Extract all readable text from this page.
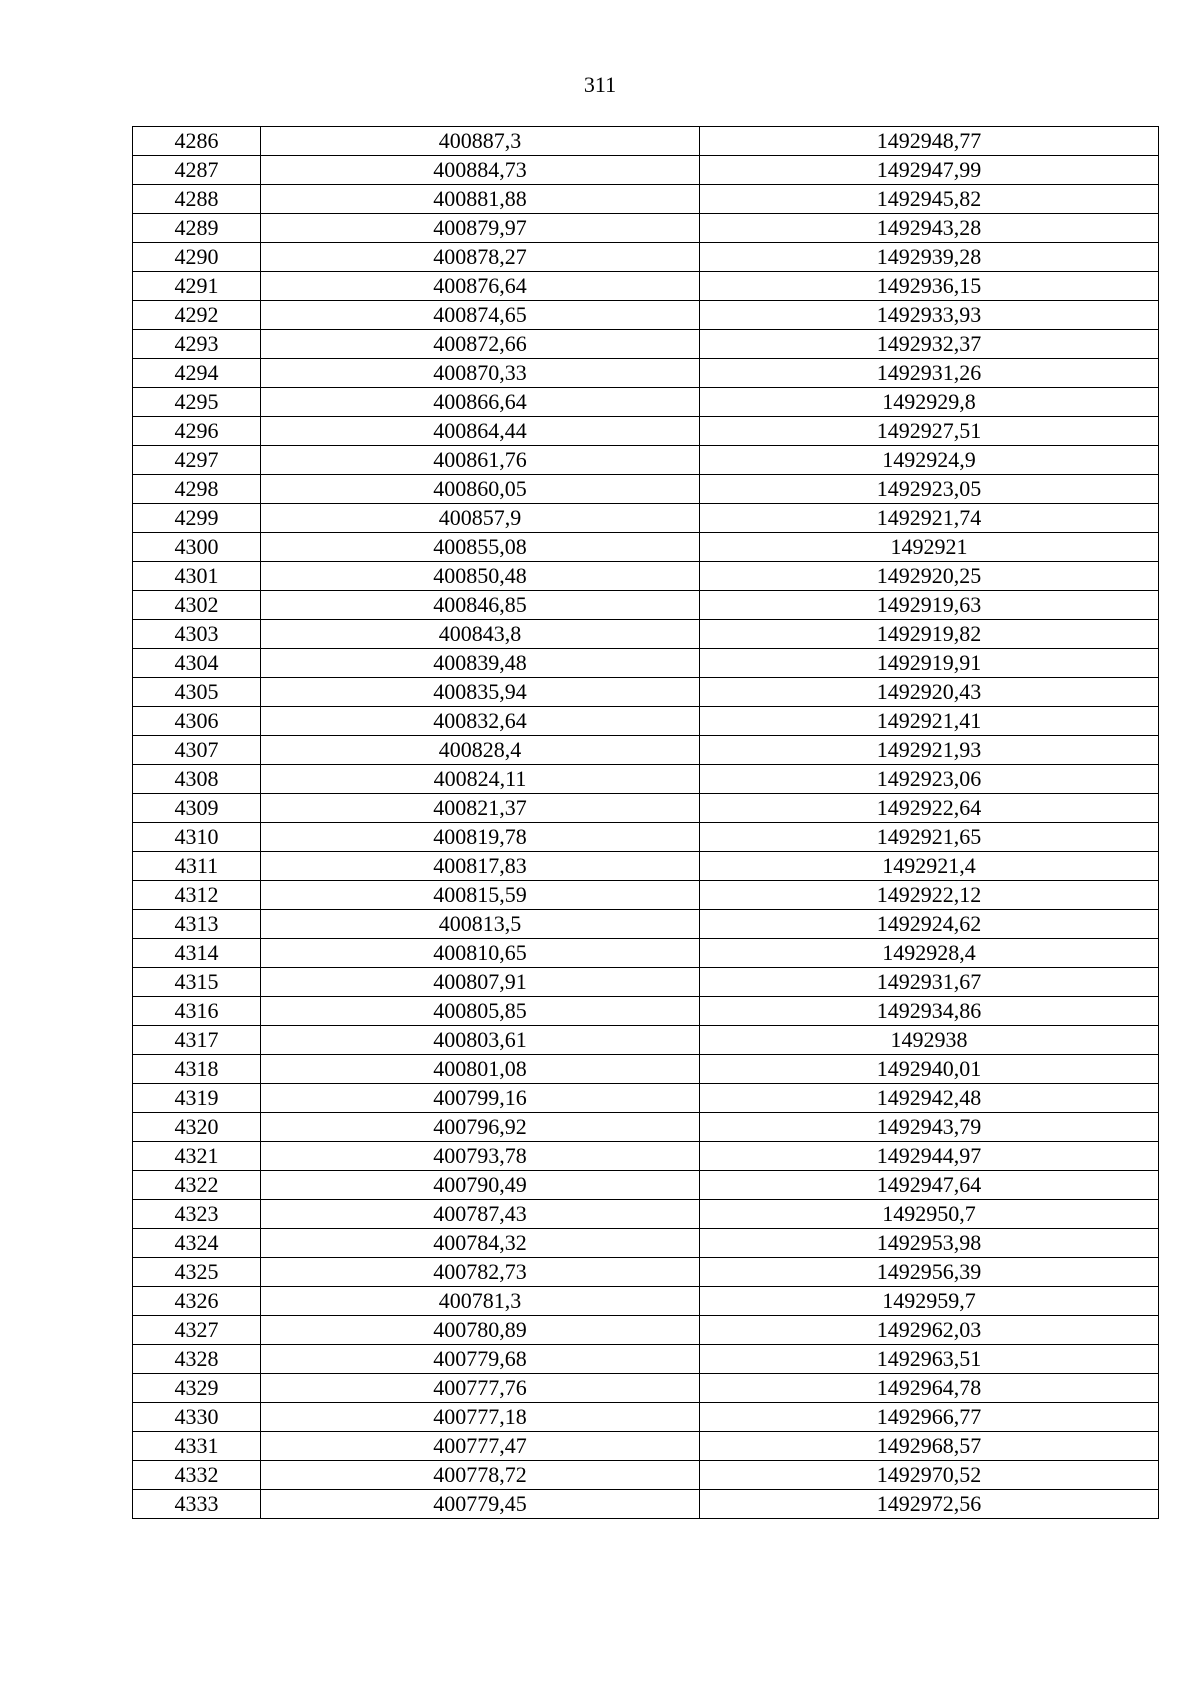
311
4286	400887,3	1492948,77
4287	400884,73	1492947,99
4288	400881,88	1492945,82
4289	400879,97	1492943,28
4290	400878,27	1492939,28
4291	400876,64	1492936,15
4292	400874,65	1492933,93
4293	400872,66	1492932,37
4294	400870,33	1492931,26
4295	400866,64	1492929,8
4296	400864,44	1492927,51
4297	400861,76	1492924,9
4298	400860,05	1492923,05
4299	400857,9	1492921,74
4300	400855,08	1492921
4301	400850,48	1492920,25
4302	400846,85	1492919,63
4303	400843,8	1492919,82
4304	400839,48	1492919,91
4305	400835,94	1492920,43
4306	400832,64	1492921,41
4307	400828,4	1492921,93
4308	400824,11	1492923,06
4309	400821,37	1492922,64
4310	400819,78	1492921,65
4311	400817,83	1492921,4
4312	400815,59	1492922,12
4313	400813,5	1492924,62
4314	400810,65	1492928,4
4315	400807,91	1492931,67
4316	400805,85	1492934,86
4317	400803,61	1492938
4318	400801,08	1492940,01
4319	400799,16	1492942,48
4320	400796,92	1492943,79
4321	400793,78	1492944,97
4322	400790,49	1492947,64
4323	400787,43	1492950,7
4324	400784,32	1492953,98
4325	400782,73	1492956,39
4326	400781,3	1492959,7
4327	400780,89	1492962,03
4328	400779,68	1492963,51
4329	400777,76	1492964,78
4330	400777,18	1492966,77
4331	400777,47	1492968,57
4332	400778,72	1492970,52
4333	400779,45	1492972,56
